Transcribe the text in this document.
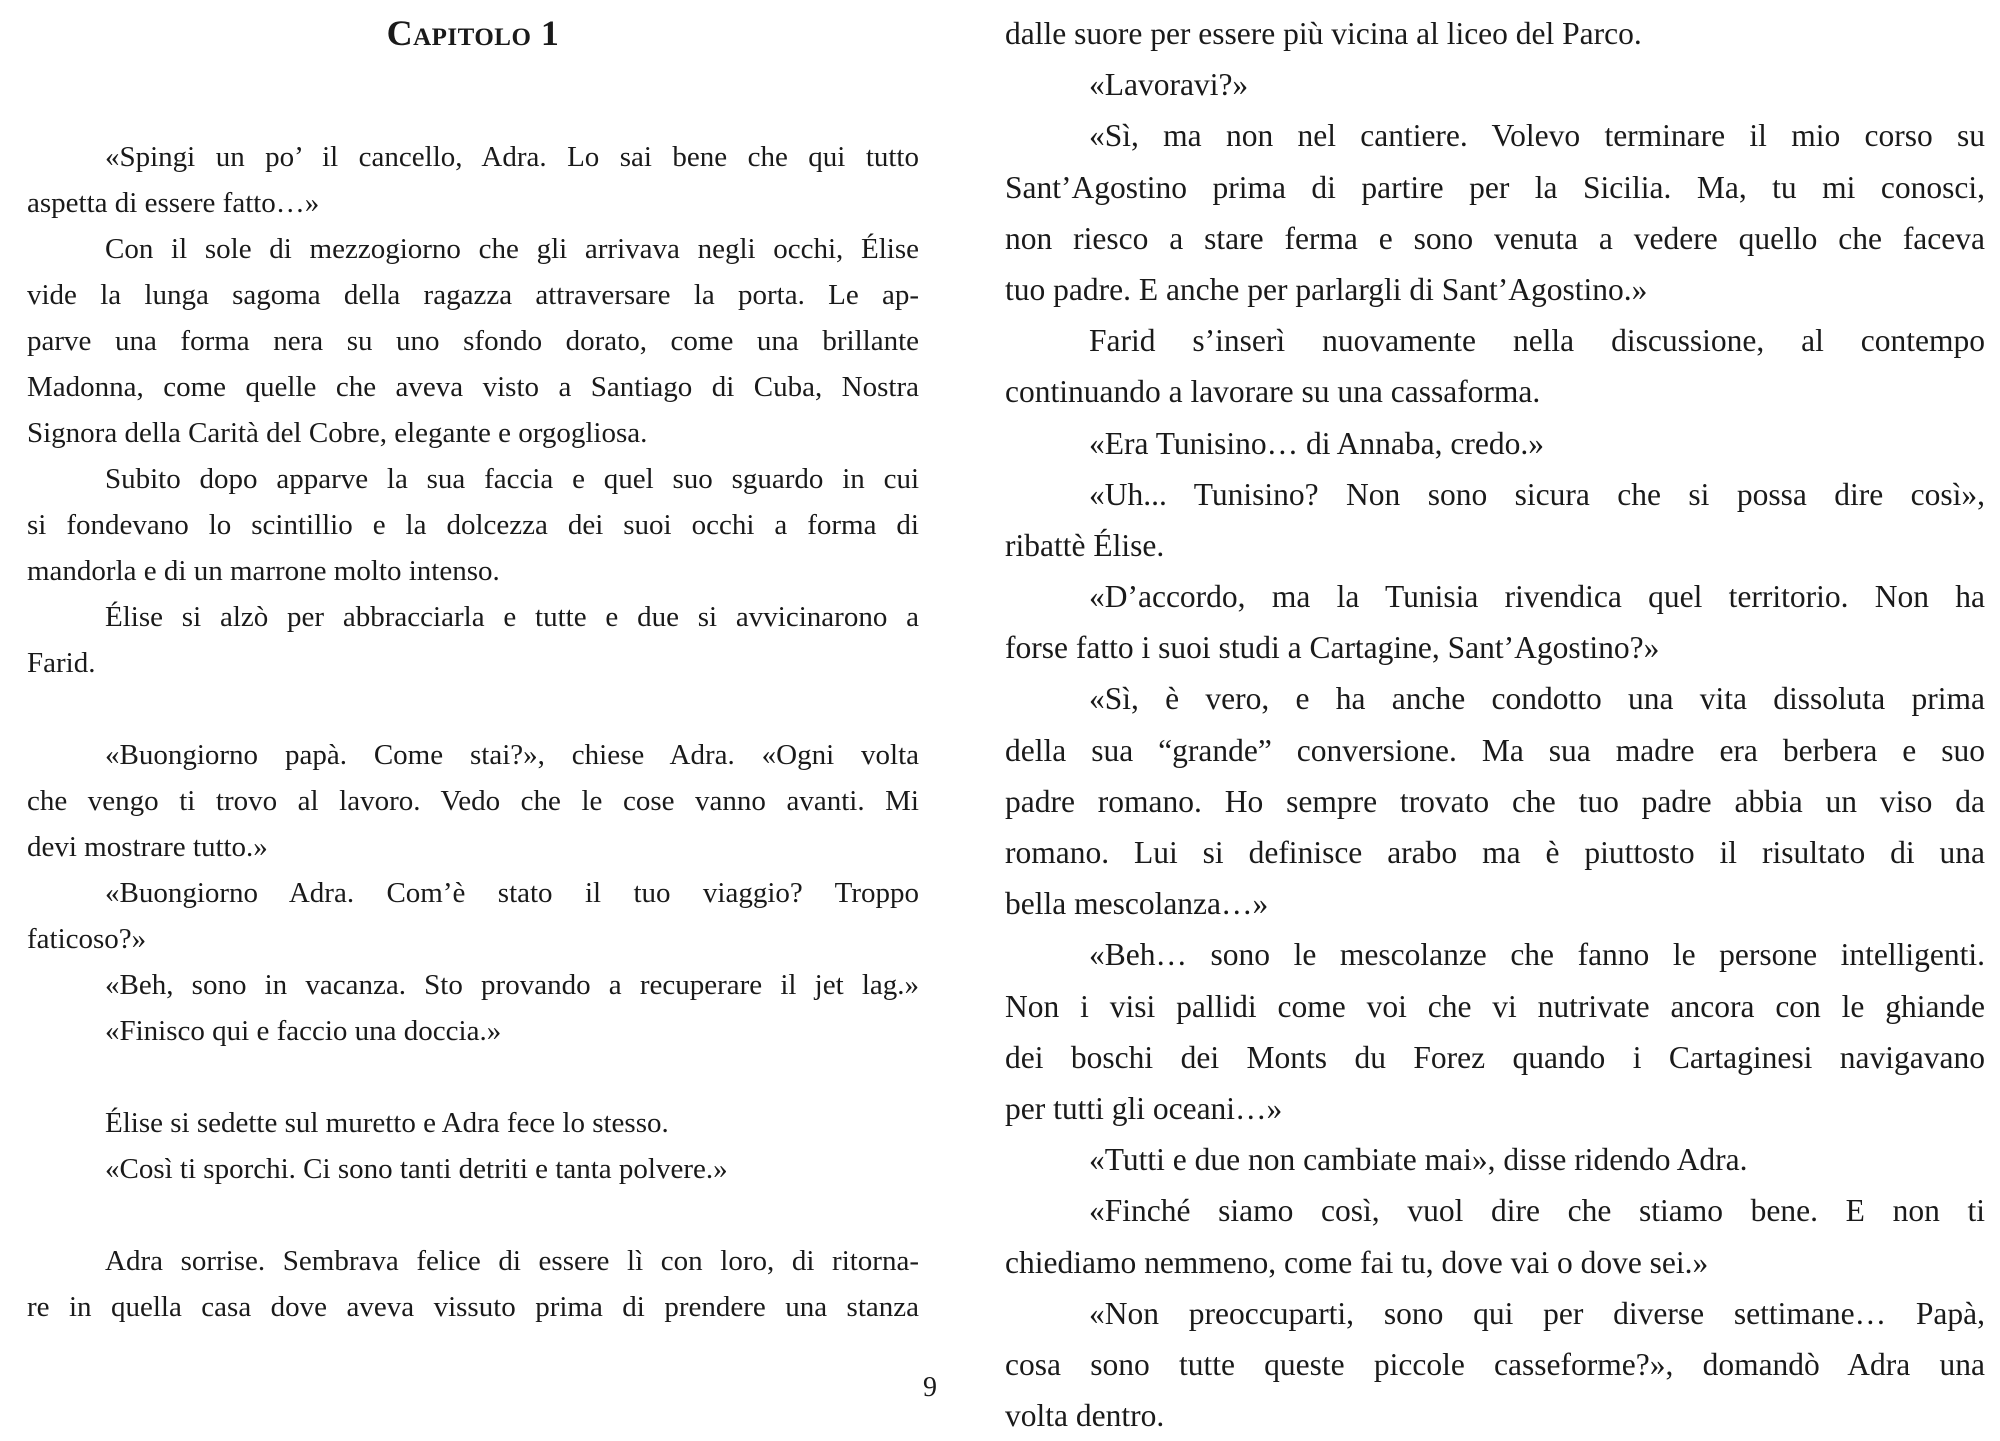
Capitolo 1
«Spingi un po’ il cancello, Adra. Lo sai bene che qui tutto
aspetta di essere fatto…»
Con il sole di mezzogiorno che gli arrivava negli occhi, Élise
vide la lunga sagoma della ragazza attraversare la porta. Le ap-
parve una forma nera su uno sfondo dorato, come una brillante
Madonna, come quelle che aveva visto a Santiago di Cuba, Nostra
Signora della Carità del Cobre, elegante e orgogliosa.
Subito dopo apparve la sua faccia e quel suo sguardo in cui
si fondevano lo scintillio e la dolcezza dei suoi occhi a forma di
mandorla e di un marrone molto intenso.
Élise si alzò per abbracciarla e tutte e due si avvicinarono a
Farid.
«Buongiorno papà. Come stai?», chiese Adra. «Ogni volta
che vengo ti trovo al lavoro. Vedo che le cose vanno avanti. Mi
devi mostrare tutto.»
«Buongiorno Adra. Com’è stato il tuo viaggio? Troppo
faticoso?»
«Beh, sono in vacanza. Sto provando a recuperare il jet lag.»
«Finisco qui e faccio una doccia.»
Élise si sedette sul muretto e Adra fece lo stesso.
«Così ti sporchi. Ci sono tanti detriti e tanta polvere.»
Adra sorrise. Sembrava felice di essere lì con loro, di ritorna-
re in quella casa dove aveva vissuto prima di prendere una stanza
9
dalle suore per essere più vicina al liceo del Parco.
«Lavoravi?»
«Sì, ma non nel cantiere. Volevo terminare il mio corso su
Sant’Agostino prima di partire per la Sicilia. Ma, tu mi conosci,
non riesco a stare ferma e sono venuta a vedere quello che faceva
tuo padre. E anche per parlargli di Sant’Agostino.»
Farid s’inserì nuovamente nella discussione, al contempo
continuando a lavorare su una cassaforma.
«Era Tunisino… di Annaba, credo.»
«Uh... Tunisino? Non sono sicura che si possa dire così»,
ribattè Élise.
«D’accordo, ma la Tunisia rivendica quel territorio. Non ha
forse fatto i suoi studi a Cartagine, Sant’Agostino?»
«Sì, è vero, e ha anche condotto una vita dissoluta prima
della sua “grande” conversione. Ma sua madre era berbera e suo
padre romano. Ho sempre trovato che tuo padre abbia un viso da
romano. Lui si definisce arabo ma è piuttosto il risultato di una
bella mescolanza…»
«Beh… sono le mescolanze che fanno le persone intelligenti.
Non i visi pallidi come voi che vi nutrivate ancora con le ghiande
dei boschi dei Monts du Forez quando i Cartaginesi navigavano
per tutti gli oceani…»
«Tutti e due non cambiate mai», disse ridendo Adra.
«Finché siamo così, vuol dire che stiamo bene. E non ti
chiediamo nemmeno, come fai tu, dove vai o dove sei.»
«Non preoccuparti, sono qui per diverse settimane… Papà,
cosa sono tutte queste piccole casseforme?», domandò Adra una
volta dentro.
